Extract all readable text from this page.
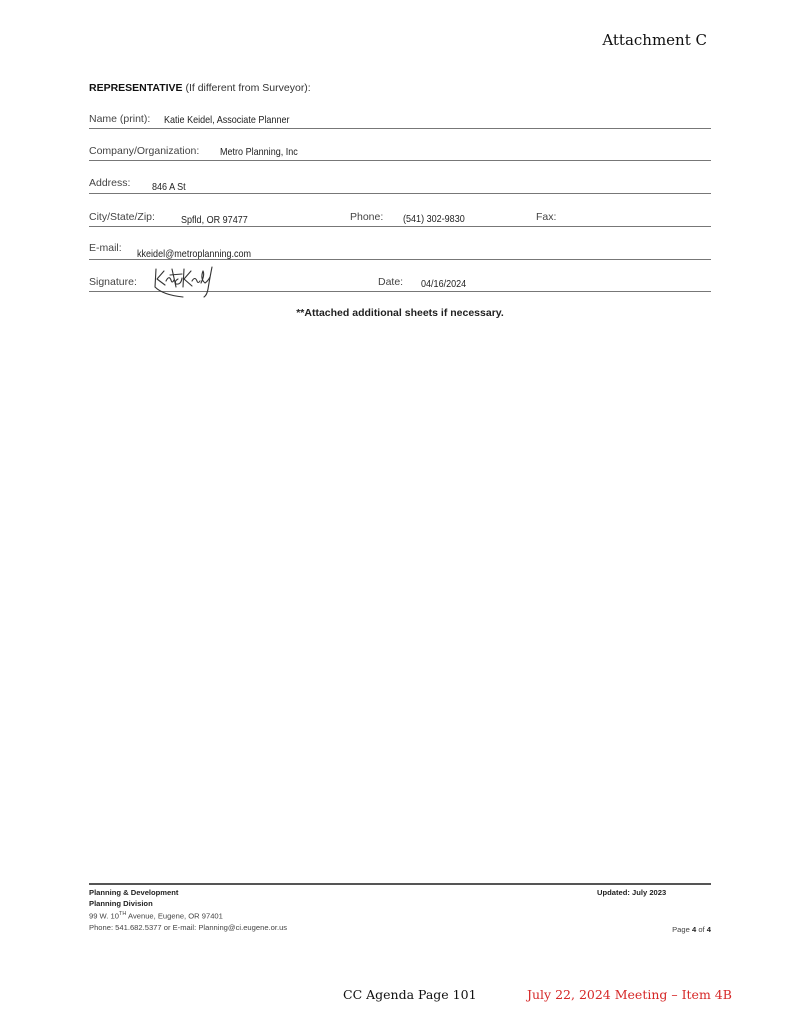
Attachment C
REPRESENTATIVE (If different from Surveyor):
Name (print): Katie Keidel, Associate Planner
Company/Organization: Metro Planning, Inc
Address: 846 A St
City/State/Zip: Spfld, OR 97477	Phone: (541) 302-9830	Fax:
E-mail: kkeidel@metroplanning.com
Signature:	Date: 04/16/2024
**Attached additional sheets if necessary.
Planning & Development
Planning Division
99 W. 10TH Avenue, Eugene, OR 97401
Phone: 541.682.5377 or E-mail: Planning@ci.eugene.or.us
Updated: July 2023
Page 4 of 4
CC Agenda Page 101	July 22, 2024 Meeting – Item 4B
